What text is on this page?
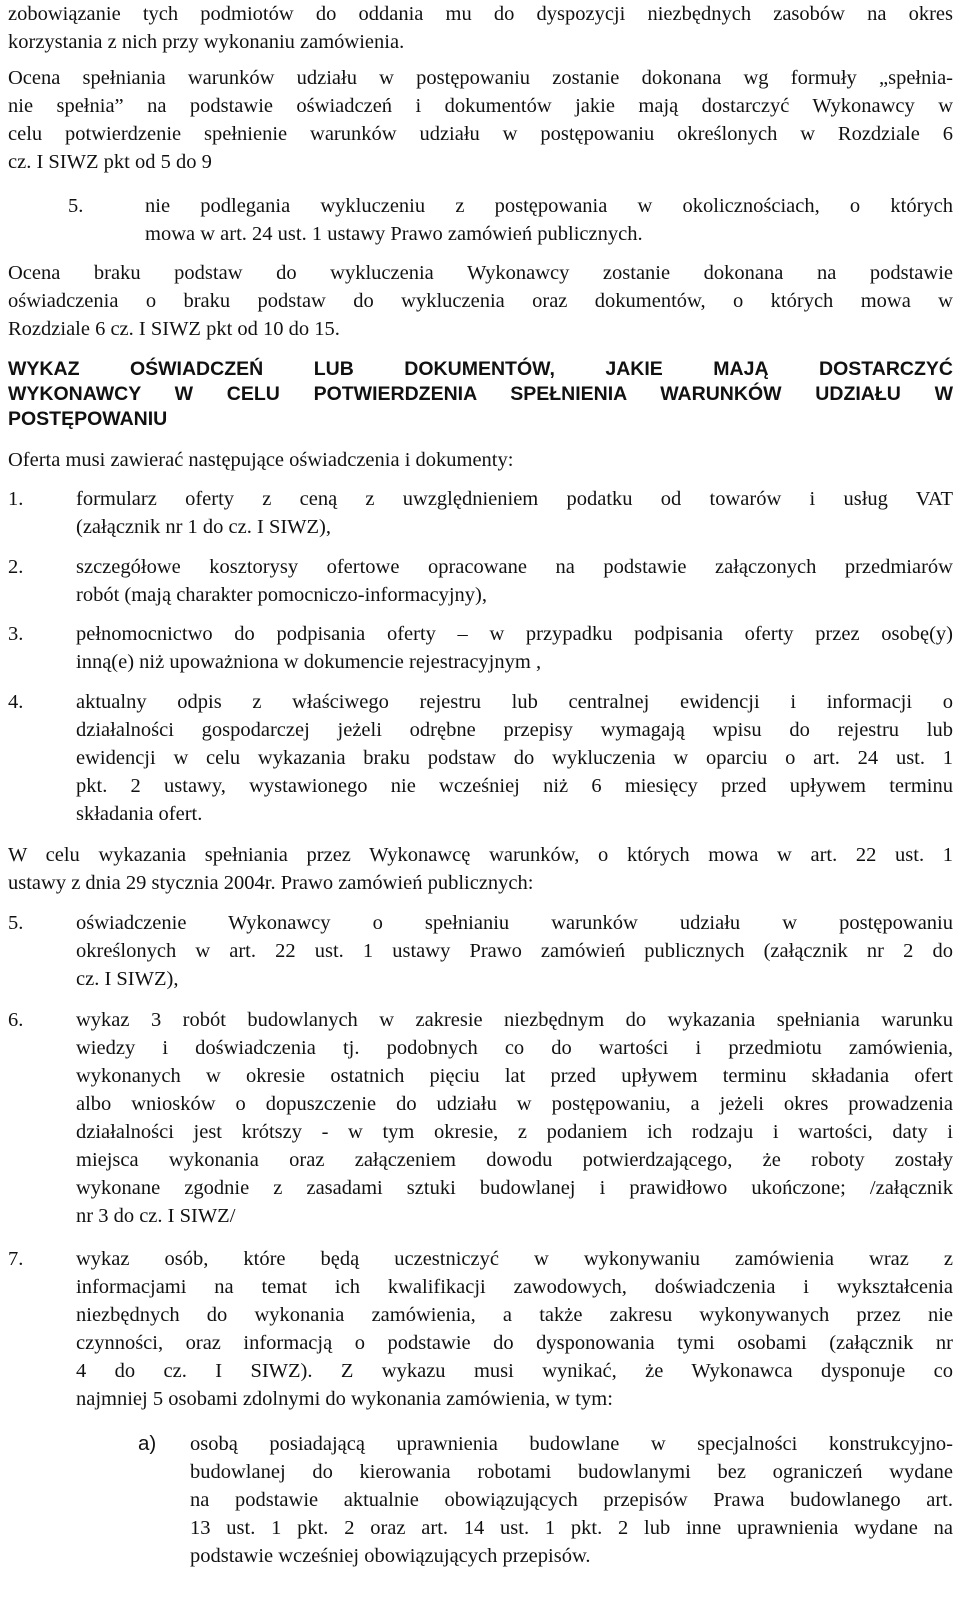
zobowiązanie tych podmiotów do oddania mu do dyspozycji niezbędnych zasobów na okres
korzystania z nich przy wykonaniu zamówienia.
Ocena spełniania warunków udziału w postępowaniu zostanie dokonana wg formuły „spełnia-
nie spełnia” na podstawie oświadczeń i dokumentów jakie mają dostarczyć Wykonawcy w
celu potwierdzenie spełnienie warunków udziału w postępowaniu określonych w Rozdziale 6
cz. I SIWZ pkt od 5 do 9
5.	nie podlegania wykluczeniu z postępowania w okolicznościach, o których
mowa w art. 24 ust. 1 ustawy Prawo zamówień publicznych.
Ocena braku podstaw do wykluczenia Wykonawcy zostanie dokonana na podstawie
oświadczenia o braku podstaw do wykluczenia oraz dokumentów, o których mowa w
Rozdziale 6 cz. I SIWZ pkt od 10 do 15.
WYKAZ OŚWIADCZEŃ LUB DOKUMENTÓW, JAKIE MAJĄ DOSTARCZYĆ
WYKONAWCY W CELU POTWIERDZENIA SPEŁNIENIA WARUNKÓW UDZIAŁU W
POSTĘPOWANIU
Oferta musi zawierać następujące oświadczenia i dokumenty:
1.	formularz oferty z ceną z uwzględnieniem podatku od towarów i usług VAT
(załącznik nr 1 do cz. I SIWZ),
2.	szczegółowe kosztorysy ofertowe opracowane na podstawie załączonych przedmiarów
robót (mają charakter pomocniczo-informacyjny),
3.	pełnomocnictwo do podpisania oferty – w przypadku podpisania oferty przez osobę(y)
inną(e) niż upoważniona w dokumencie rejestracyjnym ,
4.	aktualny odpis z właściwego rejestru lub centralnej ewidencji i informacji o
działalności gospodarczej jeżeli odrębne przepisy wymagają wpisu do rejestru lub
ewidencji w celu wykazania braku podstaw do wykluczenia w oparciu o art. 24 ust. 1
pkt. 2 ustawy, wystawionego nie wcześniej niż 6 miesięcy przed upływem terminu
składania ofert.
W celu wykazania spełniania przez Wykonawcę warunków, o których mowa w art. 22 ust. 1
ustawy z dnia 29 stycznia 2004r. Prawo zamówień publicznych:
5.	oświadczenie Wykonawcy o spełnianiu warunków udziału w postępowaniu
określonych w art. 22 ust. 1 ustawy Prawo zamówień publicznych (załącznik nr 2 do
cz. I SIWZ),
6.	wykaz 3 robót budowlanych w zakresie niezbędnym do wykazania spełniania warunku
wiedzy i doświadczenia tj. podobnych co do wartości i przedmiotu zamówienia,
wykonanych w okresie ostatnich pięciu lat przed upływem terminu składania ofert
albo wniosków o dopuszczenie do udziału w postępowaniu, a jeżeli okres prowadzenia
działalności jest krótszy - w tym okresie, z podaniem ich rodzaju i wartości, daty i
miejsca wykonania oraz załączeniem dowodu potwierdzającego, że roboty zostały
wykonane zgodnie z zasadami sztuki budowlanej i prawidłowo ukończone; /załącznik
nr 3 do cz. I SIWZ/
7.	wykaz osób, które będą uczestniczyć w wykonywaniu zamówienia wraz z
informacjami na temat ich kwalifikacji zawodowych, doświadczenia i wykształcenia
niezbędnych do wykonania zamówienia, a także zakresu wykonywanych przez nie
czynności, oraz informacją o podstawie do dysponowania tymi osobami (załącznik nr
4 do cz. I SIWZ). Z wykazu musi wynikać, że Wykonawca dysponuje co
najmniej 5 osobami zdolnymi do wykonania zamówienia, w tym:
a) osobą posiadającą uprawnienia budowlane w specjalności konstrukcyjno-
budowlanej do kierowania robotami budowlanymi bez ograniczeń wydane
na podstawie aktualnie obowiązujących przepisów Prawa budowlanego art.
13 ust. 1 pkt. 2 oraz art. 14 ust. 1 pkt. 2 lub inne uprawnienia wydane na
podstawie wcześniej obowiązujących przepisów.
